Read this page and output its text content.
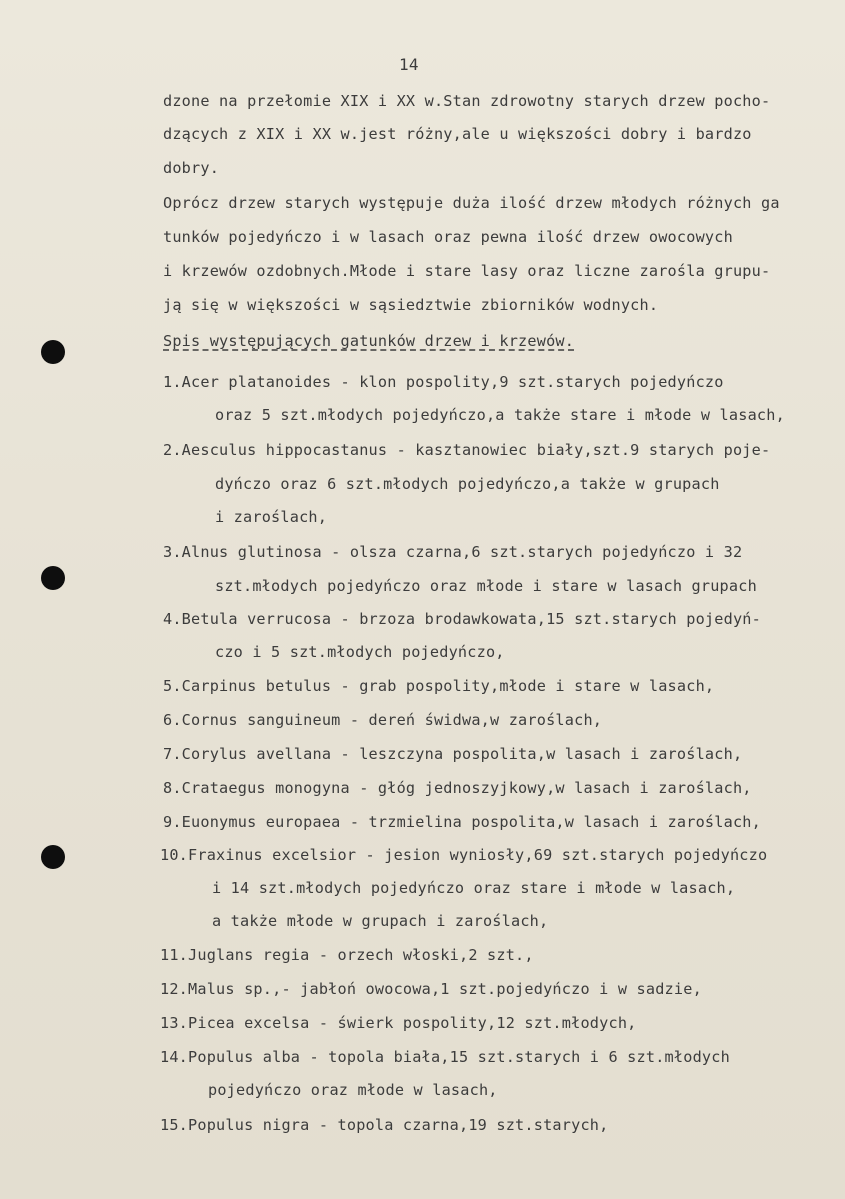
14
dzone na przełomie XIX i XX w.Stan zdrowotny starych drzew pocho-
dzących z XIX i XX w.jest różny,ale u większości dobry i bardzo
dobry.
Oprócz drzew starych występuje duża ilość drzew młodych różnych ga
tunków pojedyńczo i w lasach oraz pewna ilość drzew owocowych
i krzewów ozdobnych.Młode i stare lasy oraz liczne zarośla grupu-
ją się w większości w sąsiedztwie zbiorników wodnych.
Spis występujących gatunków drzew i krzewów.
1.Acer platanoides - klon pospolity,9 szt.starych pojedyńczo
oraz 5 szt.młodych pojedyńczo,a także stare i młode w lasach,
2.Aesculus hippocastanus - kasztanowiec biały,szt.9 starych poje-
dyńczo oraz 6 szt.młodych pojedyńczo,a także w grupach
i zaroślach,
3.Alnus glutinosa - olsza czarna,6 szt.starych pojedyńczo i 32
szt.młodych pojedyńczo oraz młode i stare w lasach grupach
4.Betula verrucosa - brzoza brodawkowata,15 szt.starych pojedyń-
czo i 5 szt.młodych pojedyńczo,
5.Carpinus betulus - grab pospolity,młode i stare w lasach,
6.Cornus sanguineum - dereń świdwa,w zaroślach,
7.Corylus avellana - leszczyna pospolita,w lasach i zaroślach,
8.Crataegus monogyna - głóg jednoszyjkowy,w lasach i zaroślach,
9.Euonymus europaea - trzmielina pospolita,w lasach i zaroślach,
10.Fraxinus excelsior - jesion wyniosły,69 szt.starych pojedyńczo
i 14 szt.młodych pojedyńczo oraz stare i młode w lasach,
a także młode w grupach i zaroślach,
11.Juglans regia - orzech włoski,2 szt.,
12.Malus sp.,- jabłoń owocowa,1 szt.pojedyńczo i w sadzie,
13.Picea excelsa - świerk pospolity,12 szt.młodych,
14.Populus alba - topola biała,15 szt.starych i 6 szt.młodych
pojedyńczo oraz młode w lasach,
15.Populus nigra - topola czarna,19 szt.starych,
